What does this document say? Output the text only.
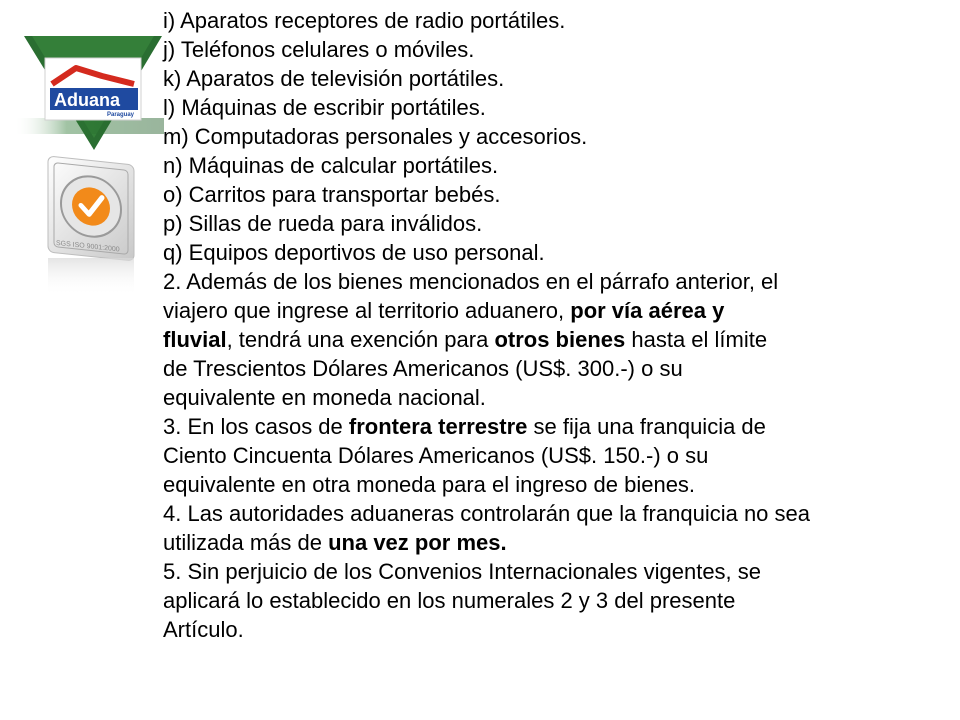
Aduana
Paraguay
SGS ISO 9001:2000
i) Aparatos receptores de radio portátiles.
j) Teléfonos celulares o móviles.
k) Aparatos de televisión portátiles.
l) Máquinas de escribir portátiles.
m) Computadoras personales y accesorios.
n) Máquinas de calcular portátiles.
o) Carritos para transportar bebés.
p) Sillas de rueda para inválidos.
q) Equipos deportivos de uso personal.
2. Además de los bienes mencionados en el párrafo anterior, el
viajero que ingrese al territorio aduanero, por vía aérea y
fluvial, tendrá una exención para otros bienes hasta el límite
de Trescientos Dólares Americanos (US$. 300.-) o su
equivalente en moneda nacional.
3. En los casos de frontera terrestre se fija una franquicia de
Ciento Cincuenta Dólares Americanos (US$. 150.-) o su
equivalente en otra moneda para el ingreso de bienes.
4. Las autoridades aduaneras controlarán que la franquicia no sea
utilizada más de una vez por mes.
5. Sin perjuicio de los Convenios Internacionales vigentes, se
aplicará lo establecido en los numerales 2 y 3 del presente
Artículo.
